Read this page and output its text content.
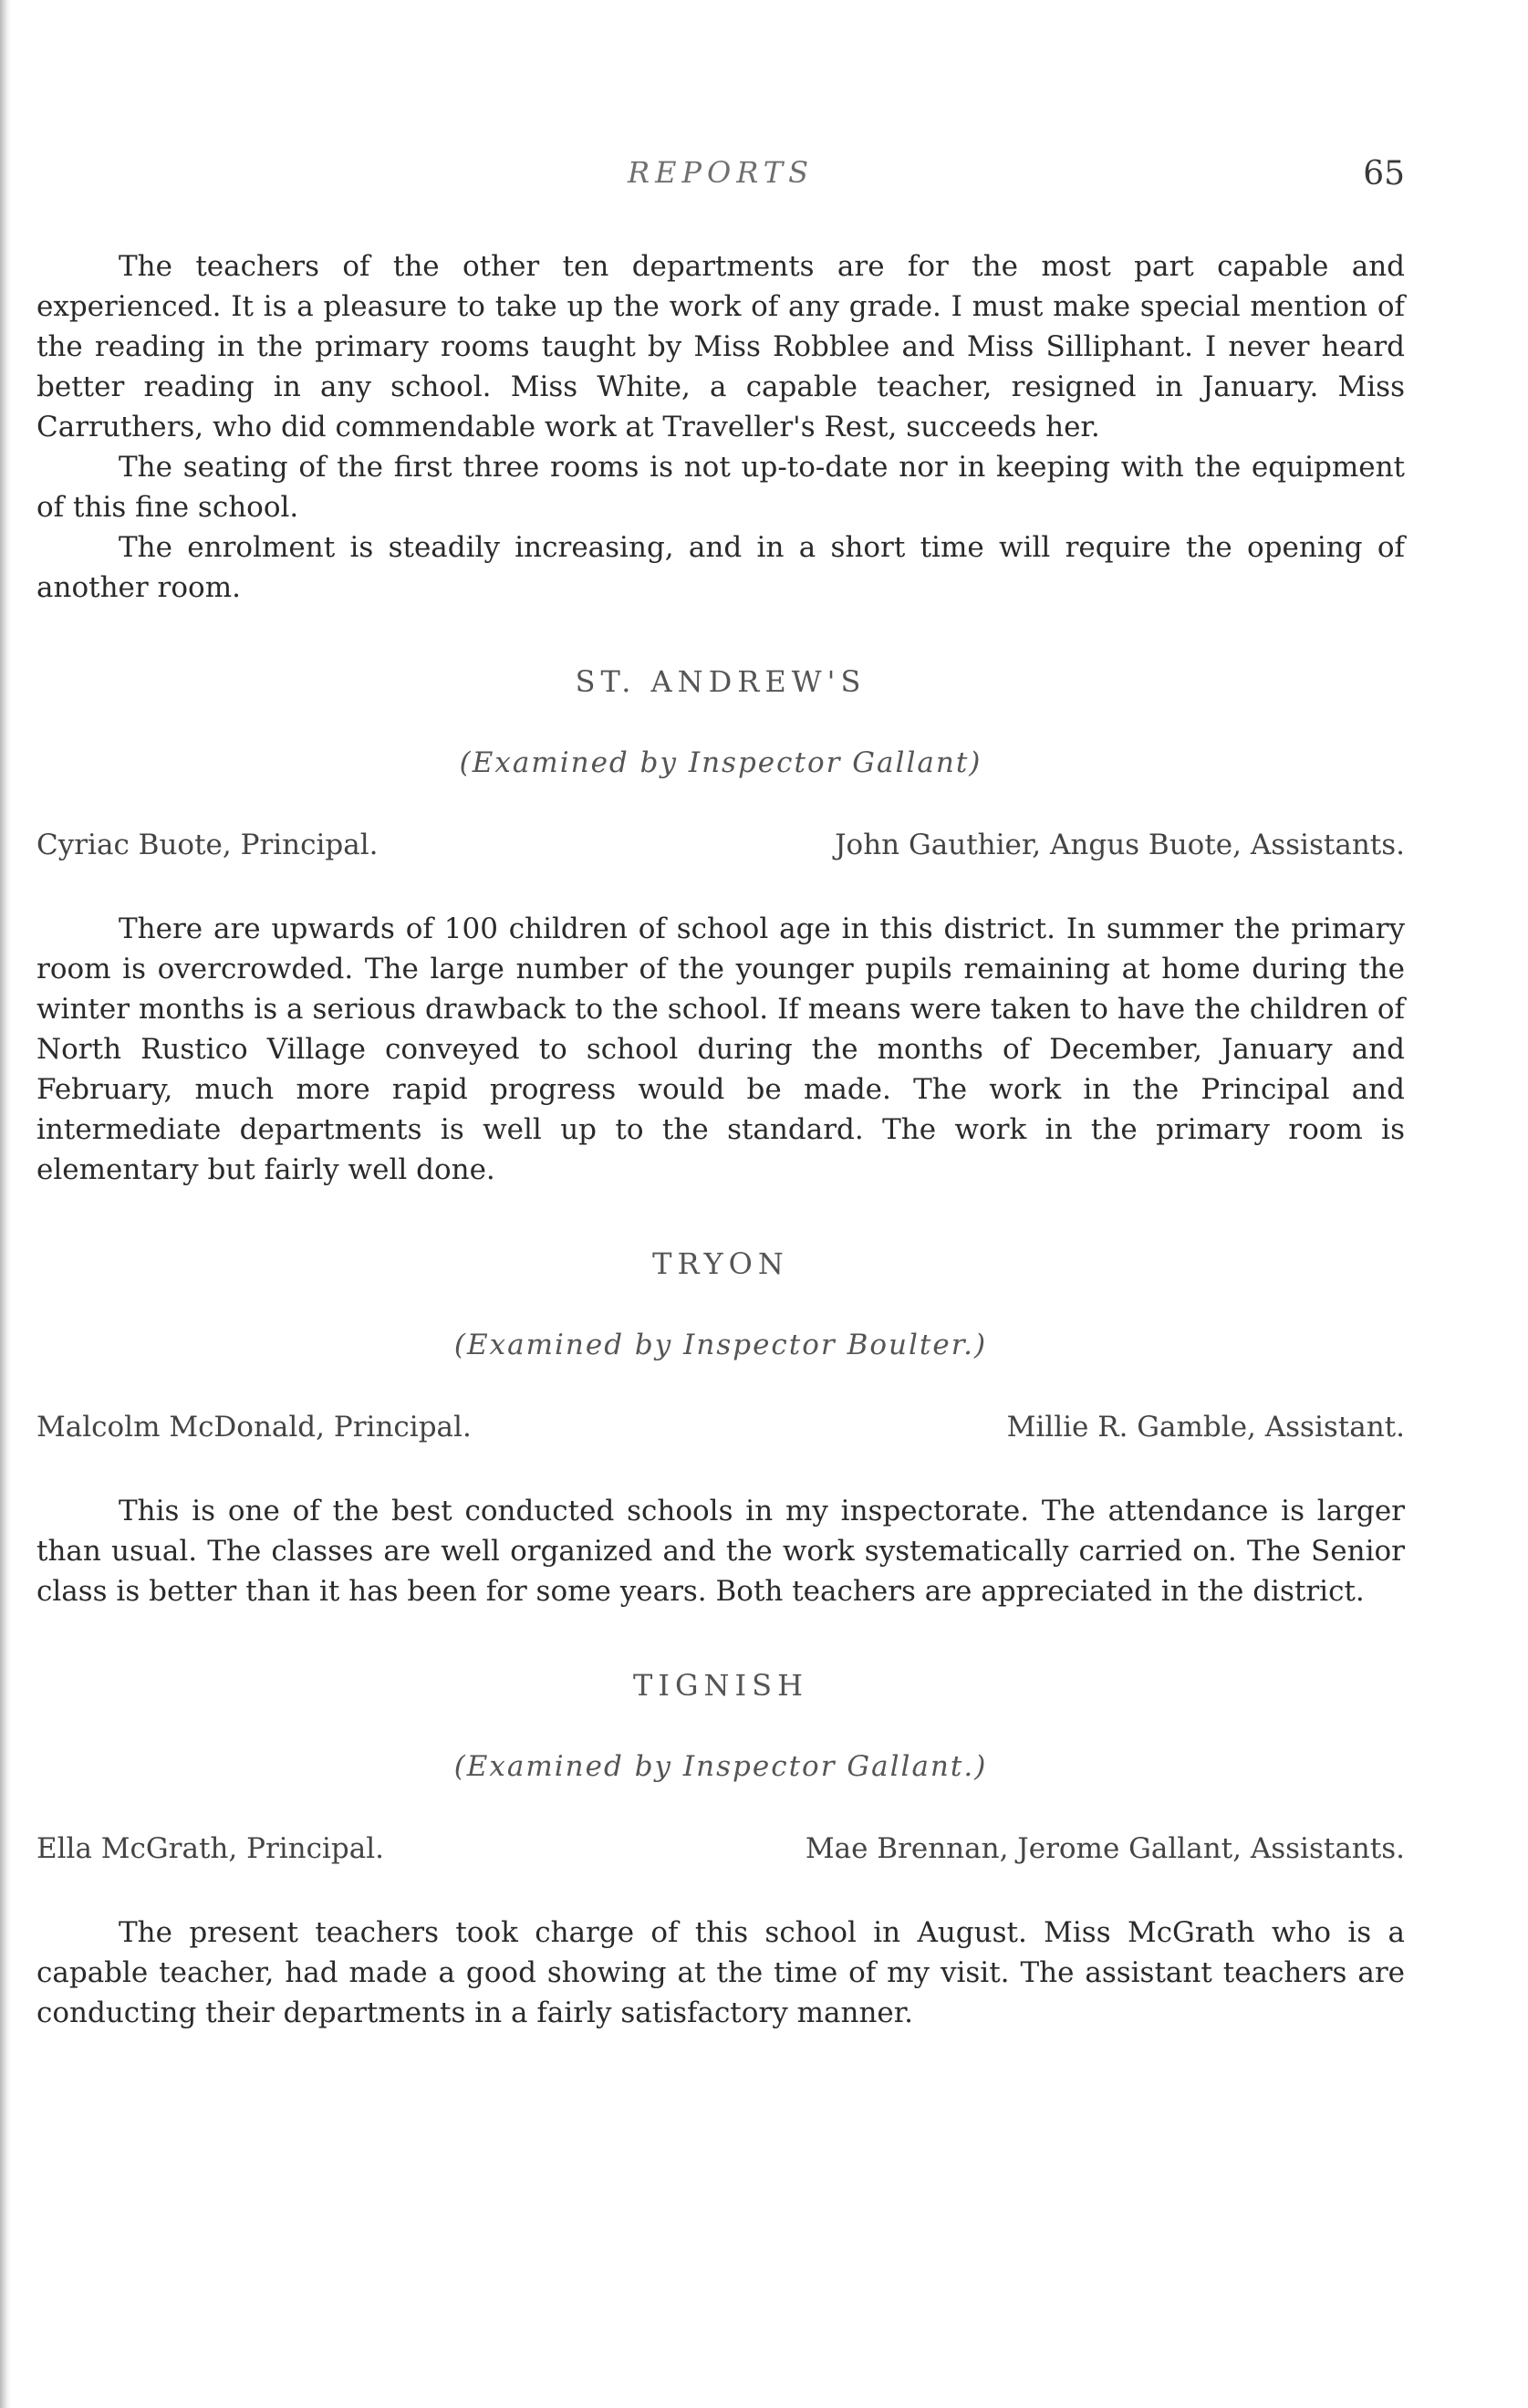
REPORTS	65

The teachers of the other ten departments are for the most part capable and experienced. It is a pleasure to take up the work of any grade. I must make special mention of the reading in the primary rooms taught by Miss Robblee and Miss Silliphant. I never heard better reading in any school. Miss White, a capable teacher, resigned in January. Miss Carruthers, who did commendable work at Traveller's Rest, succeeds her.

The seating of the first three rooms is not up-to-date nor in keeping with the equipment of this fine school.

The enrolment is steadily increasing, and in a short time will require the opening of another room.

ST. ANDREW'S
(Examined by Inspector Gallant)
Cyriac Buote, Principal.	John Gauthier, Angus Buote, Assistants.

There are upwards of 100 children of school age in this district. In summer the primary room is overcrowded. The large number of the younger pupils remaining at home during the winter months is a serious drawback to the school. If means were taken to have the children of North Rustico Village conveyed to school during the months of December, January and February, much more rapid progress would be made. The work in the Principal and intermediate departments is well up to the standard. The work in the primary room is elementary but fairly well done.

TRYON
(Examined by Inspector Boulter.)
Malcolm McDonald, Principal.	Millie R. Gamble, Assistant.

This is one of the best conducted schools in my inspectorate. The attendance is larger than usual. The classes are well organized and the work systematically carried on. The Senior class is better than it has been for some years. Both teachers are appreciated in the district.

TIGNISH
(Examined by Inspector Gallant.)
Ella McGrath, Principal.	Mae Brennan, Jerome Gallant, Assistants.

The present teachers took charge of this school in August. Miss McGrath who is a capable teacher, had made a good showing at the time of my visit. The assistant teachers are conducting their departments in a fairly satisfactory manner.
